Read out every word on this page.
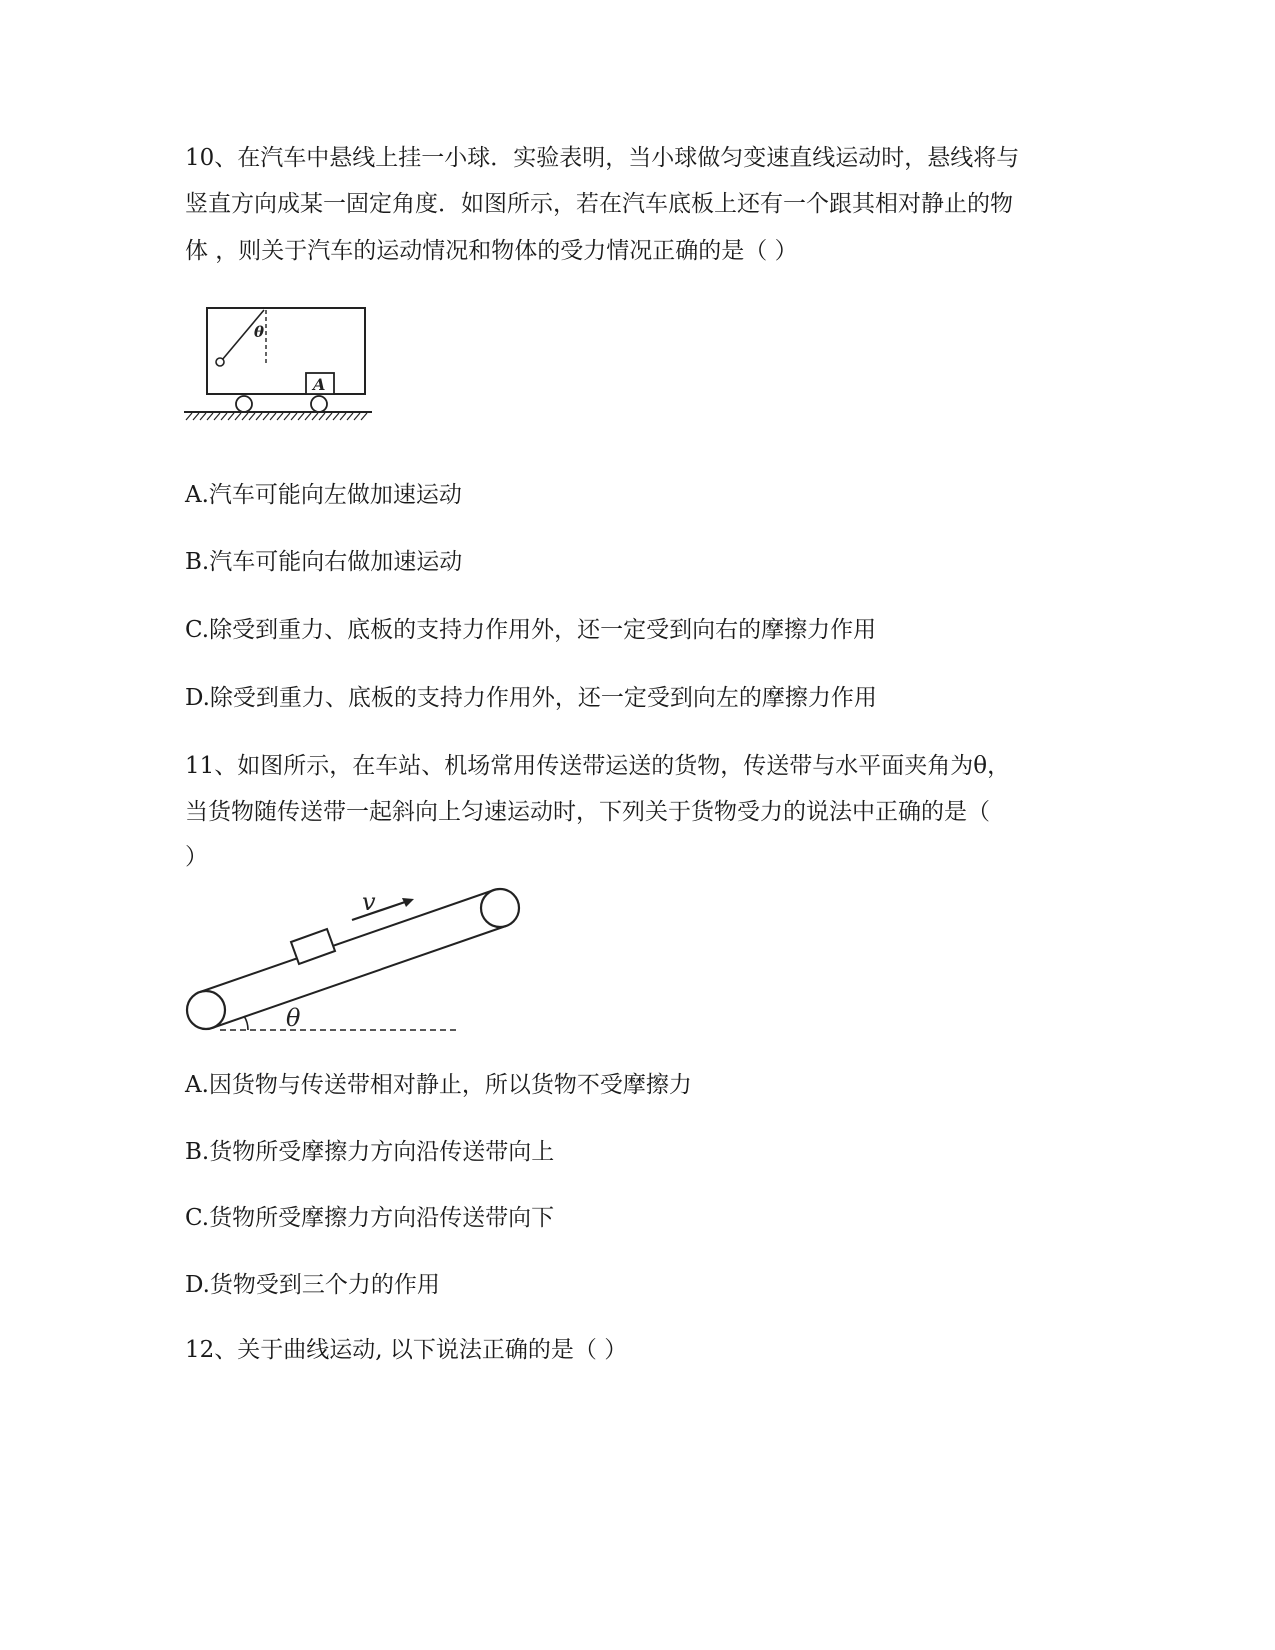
10、在汽车中悬线上挂一小球．实验表明，当小球做匀变速直线运动时，悬线将与
竖直方向成某一固定角度．如图所示，若在汽车底板上还有一个跟其相对静止的物
体 ，则关于汽车的运动情况和物体的受力情况正确的是（ ）
θ
A
A.汽车可能向左做加速运动
B.汽车可能向右做加速运动
C.除受到重力、底板的支持力作用外，还一定受到向右的摩擦力作用
D.除受到重力、底板的支持力作用外，还一定受到向左的摩擦力作用
11、如图所示，在车站、机场常用传送带运送的货物，传送带与水平面夹角为θ，
当货物随传送带一起斜向上匀速运动时，下列关于货物受力的说法中正确的是（
）
v
θ
A.因货物与传送带相对静止，所以货物不受摩擦力
B.货物所受摩擦力方向沿传送带向上
C.货物所受摩擦力方向沿传送带向下
D.货物受到三个力的作用
12、关于曲线运动, 以下说法正确的是（ ）
